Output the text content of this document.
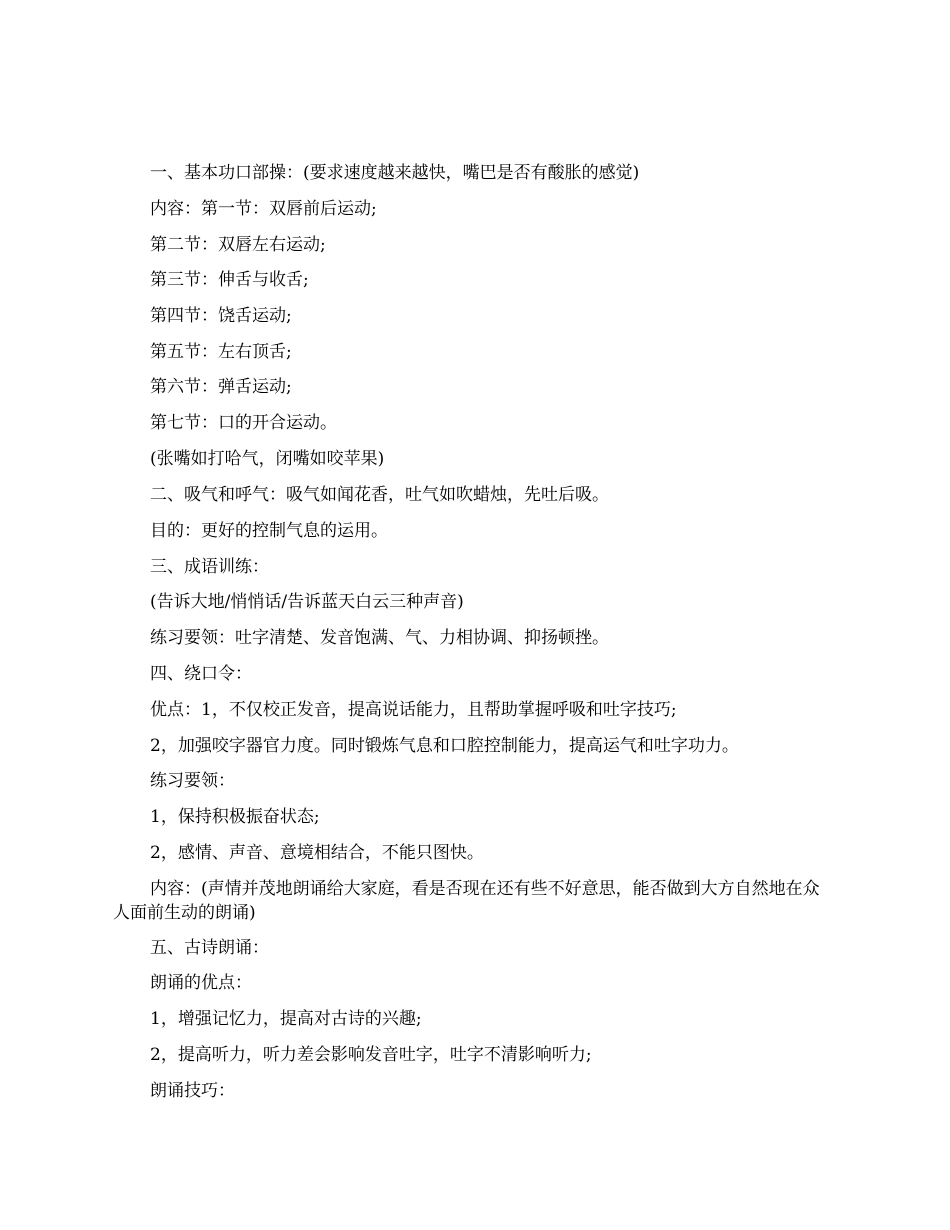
一、基本功口部操：(要求速度越来越快，嘴巴是否有酸胀的感觉)

内容：第一节：双唇前后运动;

第二节：双唇左右运动;

第三节：伸舌与收舌;

第四节：饶舌运动;

第五节：左右顶舌;

第六节：弹舌运动;

第七节：口的开合运动。

(张嘴如打哈气，闭嘴如咬苹果)

二、吸气和呼气：吸气如闻花香，吐气如吹蜡烛，先吐后吸。

目的：更好的控制气息的运用。

三、成语训练：

(告诉大地/悄悄话/告诉蓝天白云三种声音)

练习要领：吐字清楚、发音饱满、气、力相协调、抑扬顿挫。

四、绕口令：

优点：1，不仅校正发音，提高说话能力，且帮助掌握呼吸和吐字技巧;

2，加强咬字器官力度。同时锻炼气息和口腔控制能力，提高运气和吐字功力。

练习要领：

1，保持积极振奋状态;

2，感情、声音、意境相结合，不能只图快。

内容：(声情并茂地朗诵给大家庭，看是否现在还有些不好意思，能否做到大方自然地在众人面前生动的朗诵)

五、古诗朗诵：

朗诵的优点：

1，增强记忆力，提高对古诗的兴趣;

2，提高听力，听力差会影响发音吐字，吐字不清影响听力;

朗诵技巧：
